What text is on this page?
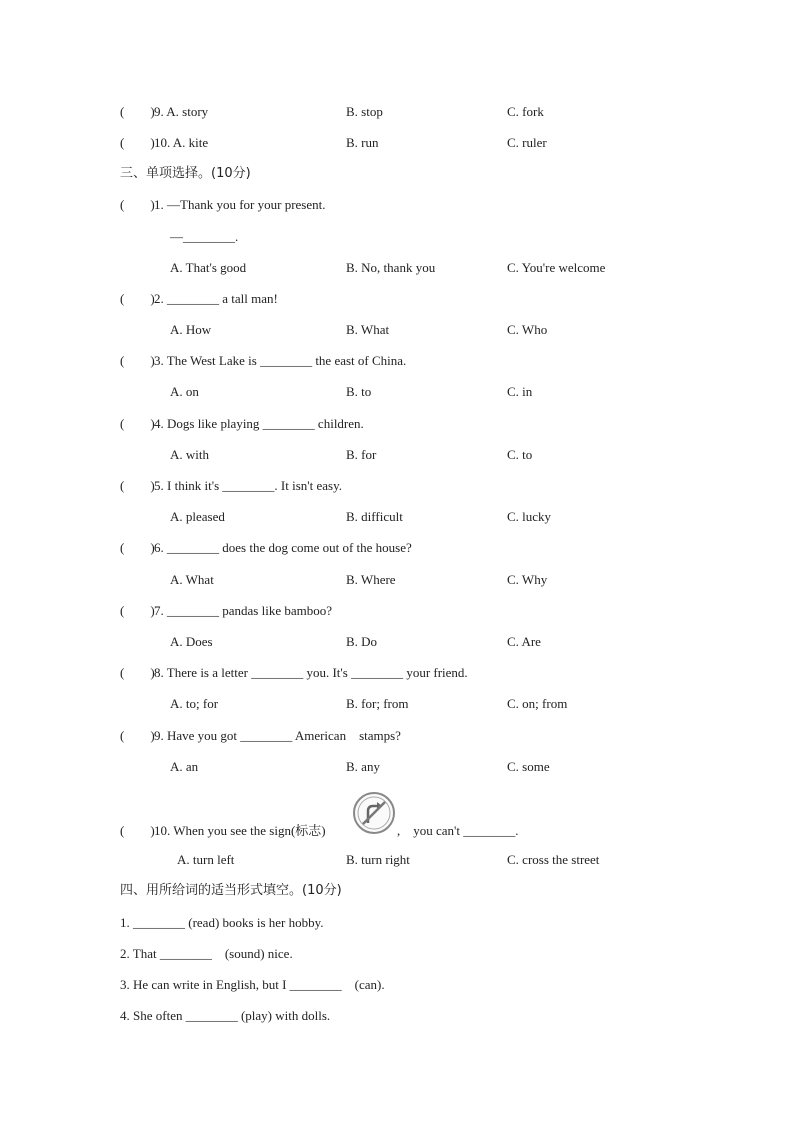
(        ) 9. A. story	B. stop	C. fork
(        ) 10. A. kite	B. run	C. ruler
三、单项选择。(10分)
(        ) 1. —Thank you for your present.
—________.
A. That's good	B. No, thank you	C. You're welcome
(        ) 2. ________ a tall man!
A. How	B. What	C. Who
(        ) 3. The West Lake is ________ the east of China.
A. on	B. to	C. in
(        ) 4. Dogs like playing ________ children.
A. with	B. for	C. to
(        ) 5. I think it's ________. It isn't easy.
A. pleased	B. difficult	C. lucky
(        ) 6. ________ does the dog come out of the house?
A. What	B. Where	C. Why
(        ) 7. ________ pandas like bamboo?
A. Does	B. Do	C. Are
(        ) 8. There is a letter ________ you. It's ________ your friend.
A. to; for	B. for; from	C. on; from
(        ) 9. Have you got ________ American    stamps?
A. an	B. any	C. some
(        ) 10. When you see the sign(标志)	,    you can't ________.
A. turn left	B. turn right	C. cross the street
四、用所给词的适当形式填空。(10分)
1. ________ (read) books is her hobby.
2. That ________    (sound) nice.
3. He can write in English, but I ________    (can).
4. She often ________ (play) with dolls.
